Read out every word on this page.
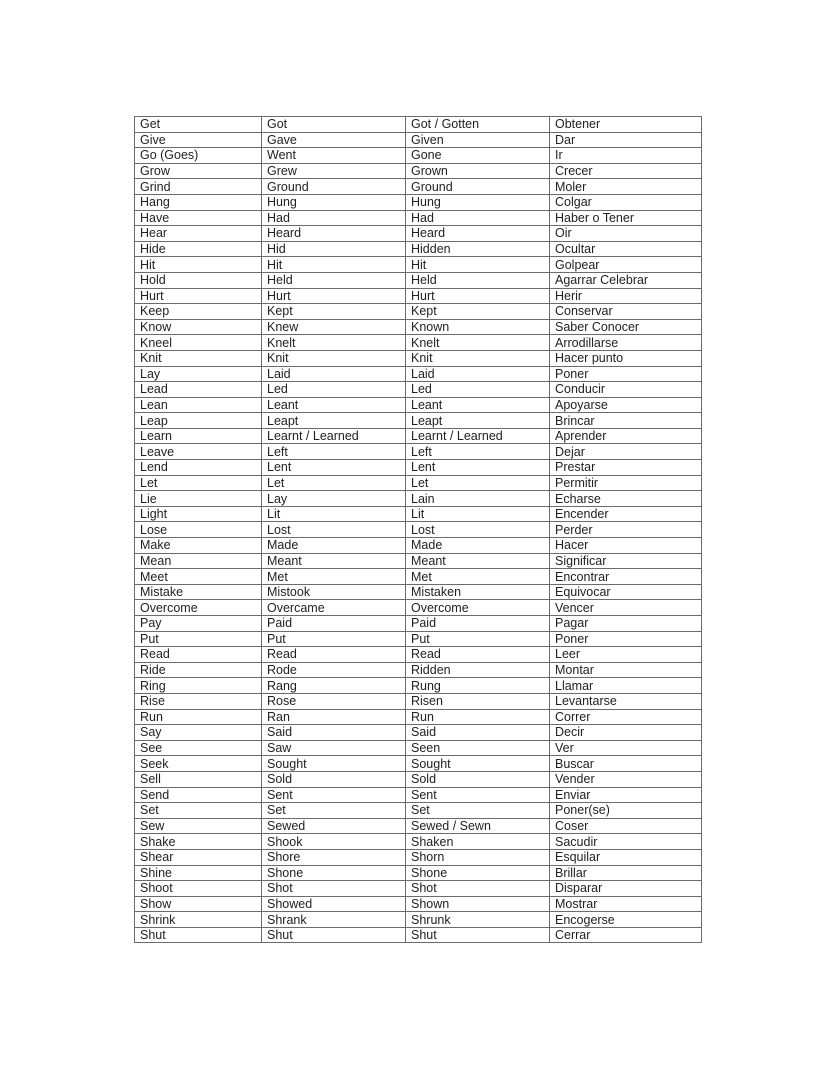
Get	Got	Got / Gotten	Obtener
Give	Gave	Given	Dar
Go (Goes)	Went	Gone	Ir
Grow	Grew	Grown	Crecer
Grind	Ground	Ground	Moler
Hang	Hung	Hung	Colgar
Have	Had	Had	Haber o Tener
Hear	Heard	Heard	Oir
Hide	Hid	Hidden	Ocultar
Hit	Hit	Hit	Golpear
Hold	Held	Held	Agarrar Celebrar
Hurt	Hurt	Hurt	Herir
Keep	Kept	Kept	Conservar
Know	Knew	Known	Saber Conocer
Kneel	Knelt	Knelt	Arrodillarse
Knit	Knit	Knit	Hacer punto
Lay	Laid	Laid	Poner
Lead	Led	Led	Conducir
Lean	Leant	Leant	Apoyarse
Leap	Leapt	Leapt	Brincar
Learn	Learnt / Learned	Learnt / Learned	Aprender
Leave	Left	Left	Dejar
Lend	Lent	Lent	Prestar
Let	Let	Let	Permitir
Lie	Lay	Lain	Echarse
Light	Lit	Lit	Encender
Lose	Lost	Lost	Perder
Make	Made	Made	Hacer
Mean	Meant	Meant	Significar
Meet	Met	Met	Encontrar
Mistake	Mistook	Mistaken	Equivocar
Overcome	Overcame	Overcome	Vencer
Pay	Paid	Paid	Pagar
Put	Put	Put	Poner
Read	Read	Read	Leer
Ride	Rode	Ridden	Montar
Ring	Rang	Rung	Llamar
Rise	Rose	Risen	Levantarse
Run	Ran	Run	Correr
Say	Said	Said	Decir
See	Saw	Seen	Ver
Seek	Sought	Sought	Buscar
Sell	Sold	Sold	Vender
Send	Sent	Sent	Enviar
Set	Set	Set	Poner(se)
Sew	Sewed	Sewed / Sewn	Coser
Shake	Shook	Shaken	Sacudir
Shear	Shore	Shorn	Esquilar
Shine	Shone	Shone	Brillar
Shoot	Shot	Shot	Disparar
Show	Showed	Shown	Mostrar
Shrink	Shrank	Shrunk	Encogerse
Shut	Shut	Shut	Cerrar
